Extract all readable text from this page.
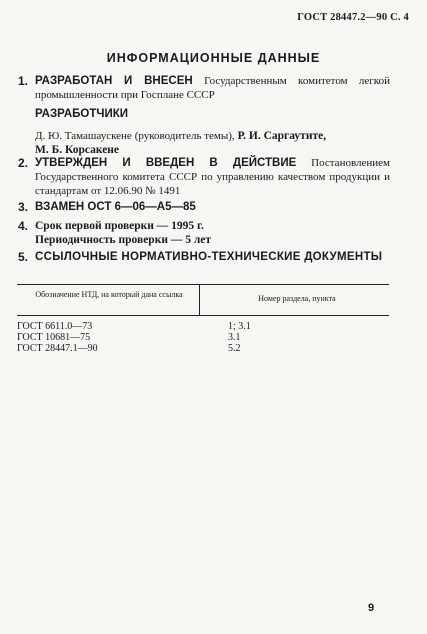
ГОСТ 28447.2—90 С. 4
ИНФОРМАЦИОННЫЕ ДАННЫЕ
1. РАЗРАБОТАН И ВНЕСЕН Государственным комитетом легкой промышленности при Госплане СССР
РАЗРАБОТЧИКИ
Д. Ю. Тамашаускене (руководитель темы), Р. И. Саргаутите,
М. Б. Корсакене
2. УТВЕРЖДЕН И ВВЕДЕН В ДЕЙСТВИЕ Постановлением Государственного комитета СССР по управлению качеством продукции и стандартам от 12.06.90 № 1491
3. ВЗАМЕН ОСТ 6—06—А5—85
4. Срок первой проверки — 1995 г.
Периодичность проверки — 5 лет
5. ССЫЛОЧНЫЕ НОРМАТИВНО-ТЕХНИЧЕСКИЕ ДОКУМЕНТЫ
Обозначение НТД, на который дана ссылка	Номер раздела, пункта
ГОСТ 6611.0—73	1; 3.1
ГОСТ 10681—75	3.1
ГОСТ 28447.1—90	5.2
9
